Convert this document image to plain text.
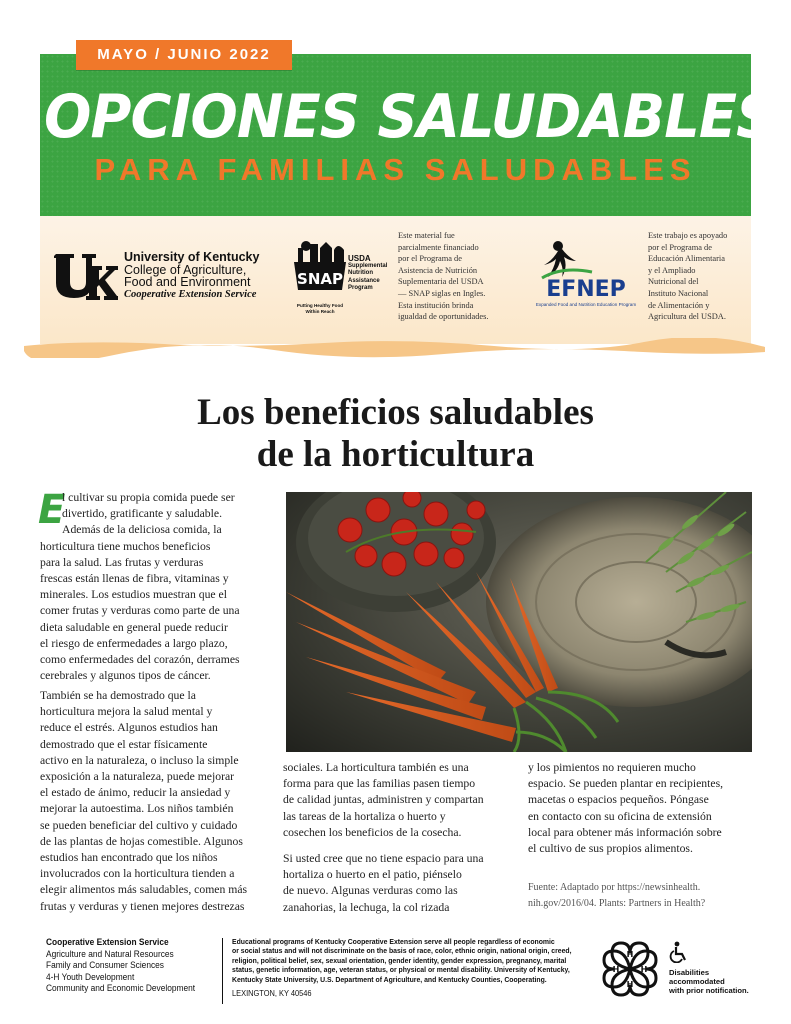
MAYO / JUNIO 2022
OPCIONES SALUDABLES
PARA FAMILIAS SALUDABLES
University of Kentucky
College of Agriculture,
Food and Environment
Cooperative Extension Service
SNAP
USDA
Supplemental
Nutrition
Assistance
Program
Putting Healthy Food
Within Reach
Este material fue
parcialmente financiado
por el Programa de
Asistencia de Nutrición
Suplementaria del USDA
— SNAP siglas en Ingles.
Esta institución brinda
igualdad de oportunidades.
EFNEP
Expanded Food and Nutrition Education Program
Este trabajo es apoyado
por el Programa de
Educación Alimentaria
y el Ampliado
Nutricional del
Instituto Nacional
de Alimentación y
Agricultura del USDA.
Los beneficios saludables
de la horticultura
E
l cultivar su propia comida puede ser
divertido, gratificante y saludable.
Además de la deliciosa comida, la
horticultura tiene muchos beneficios
para la salud. Las frutas y verduras
frescas están llenas de fibra, vitaminas y
minerales. Los estudios muestran que el
comer frutas y verduras como parte de una
dieta saludable en general puede reducir
el riesgo de enfermedades a largo plazo,
como enfermedades del corazón, derrames
cerebrales y algunos tipos de cáncer.
También se ha demostrado que la
horticultura mejora la salud mental y
reduce el estrés. Algunos estudios han
demostrado que el estar físicamente
activo en la naturaleza, o incluso la simple
exposición a la naturaleza, puede mejorar
el estado de ánimo, reducir la ansiedad y
mejorar la autoestima. Los niños también
se pueden beneficiar del cultivo y cuidado
de las plantas de hojas comestible. Algunos
estudios han encontrado que los niños
involucrados con la horticultura tienden a
elegir alimentos más saludables, comen más
frutas y verduras y tienen mejores destrezas
sociales. La horticultura también es una
forma para que las familias pasen tiempo
de calidad juntas, administren y compartan
las tareas de la hortaliza o huerto y
cosechen los beneficios de la cosecha.
Si usted cree que no tiene espacio para una
hortaliza o huerto en el patio, piénselo
de nuevo. Algunas verduras como las
zanahorias, la lechuga, la col rizada
y los pimientos no requieren mucho
espacio. Se pueden plantar en recipientes,
macetas o espacios pequeños. Póngase
en contacto con su oficina de extensión
local para obtener más información sobre
el cultivo de sus propios alimentos.
Fuente: Adaptado por https://newsinhealth.
nih.gov/2016/04. Plants: Partners in Health?
Cooperative Extension Service
Agriculture and Natural Resources
Family and Consumer Sciences
4-H Youth Development
Community and Economic Development
Educational programs of Kentucky Cooperative Extension serve all people regardless of economic
or social status and will not discriminate on the basis of race, color, ethnic origin, national origin, creed,
religion, political belief, sex, sexual orientation, gender identity, gender expression, pregnancy, marital
status, genetic information, age, veteran status, or physical or mental disability. University of Kentucky,
Kentucky State University, U.S. Department of Agriculture, and Kentucky Counties, Cooperating.
LEXINGTON, KY 40546
H
H	H
H
Disabilities
accommodated
with prior notification.
